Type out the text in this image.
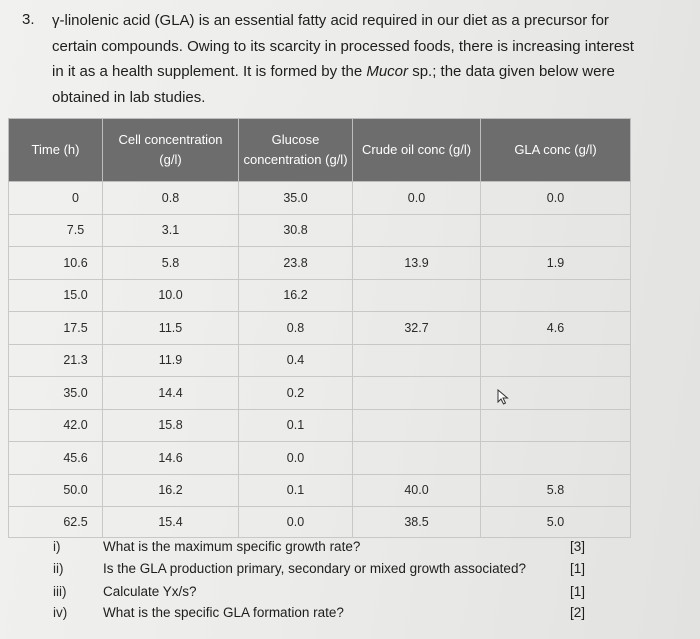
3. γ-linolenic acid (GLA) is an essential fatty acid required in our diet as a precursor for certain compounds. Owing to its scarcity in processed foods, there is increasing interest in it as a health supplement. It is formed by the Mucor sp.; the data given below were obtained in lab studies.
Time (h)	Cell concentration (g/l)	Glucose concentration (g/l)	Crude oil conc (g/l)	GLA conc (g/l)
0	0.8	35.0	0.0	0.0
7.5	3.1	30.8		
10.6	5.8	23.8	13.9	1.9
15.0	10.0	16.2		
17.5	11.5	0.8	32.7	4.6
21.3	11.9	0.4		
35.0	14.4	0.2		
42.0	15.8	0.1		
45.6	14.6	0.0		
50.0	16.2	0.1	40.0	5.8
62.5	15.4	0.0	38.5	5.0
i)	What is the maximum specific growth rate?	[3]
ii)	Is the GLA production primary, secondary or mixed growth associated?	[1]
iii)	Calculate Yx/s?	[1]
iv)	What is the specific GLA formation rate?	[2]
